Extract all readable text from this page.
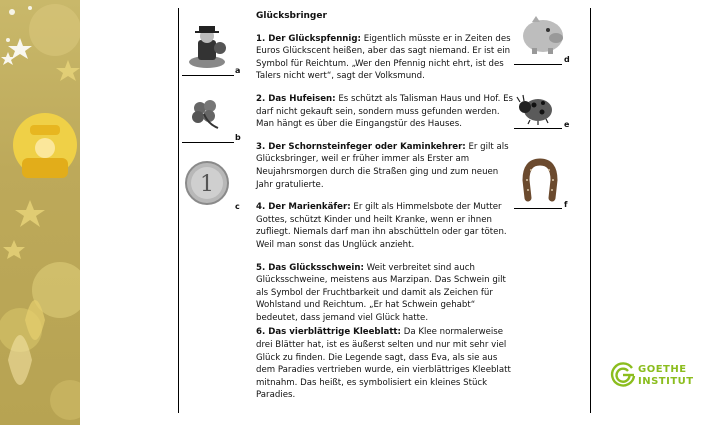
a
b
1
c
Glücksbringer
1. Der Glückspfennig: Eigentlich müsste er in Zeiten des Euros Glückscent heißen, aber das sagt niemand. Er ist ein Symbol für Reichtum. „Wer den Pfennig nicht ehrt, ist des Talers nicht wert“, sagt der Volksmund.
2. Das Hufeisen: Es schützt als Talisman Haus und Hof. Es darf nicht gekauft sein, sondern muss gefunden werden. Man hängt es über die Eingangstür des Hauses.
3. Der Schornsteinfeger oder Kaminkehrer: Er gilt als Glücksbringer, weil er früher immer als Erster am Neujahrsmorgen durch die Straßen ging und zum neuen Jahr gratulierte.
4. Der Marienkäfer: Er gilt als Himmelsbote der Mutter Gottes, schützt Kinder und heilt Kranke, wenn er ihnen zufliegt. Niemals darf man ihn abschütteln oder gar töten. Weil man sonst das Unglück anzieht.
5. Das Glücksschwein: Weit verbreitet sind auch Glücksschweine, meistens aus Marzipan. Das Schwein gilt als Symbol der Fruchtbarkeit und damit als Zeichen für Wohlstand und Reichtum. „Er hat Schwein gehabt“ bedeutet, dass jemand viel Glück hatte.
6. Das vierblättrige Kleeblatt: Da Klee normalerweise drei Blätter hat, ist es äußerst selten und nur mit sehr viel Glück zu finden. Die Legende sagt, dass Eva, als sie aus dem Paradies vertrieben wurde, ein vierblättriges Kleeblatt mitnahm. Das heißt, es symbolisiert ein kleines Stück Paradies.
d
e
f
GOETHE
INSTITUT
